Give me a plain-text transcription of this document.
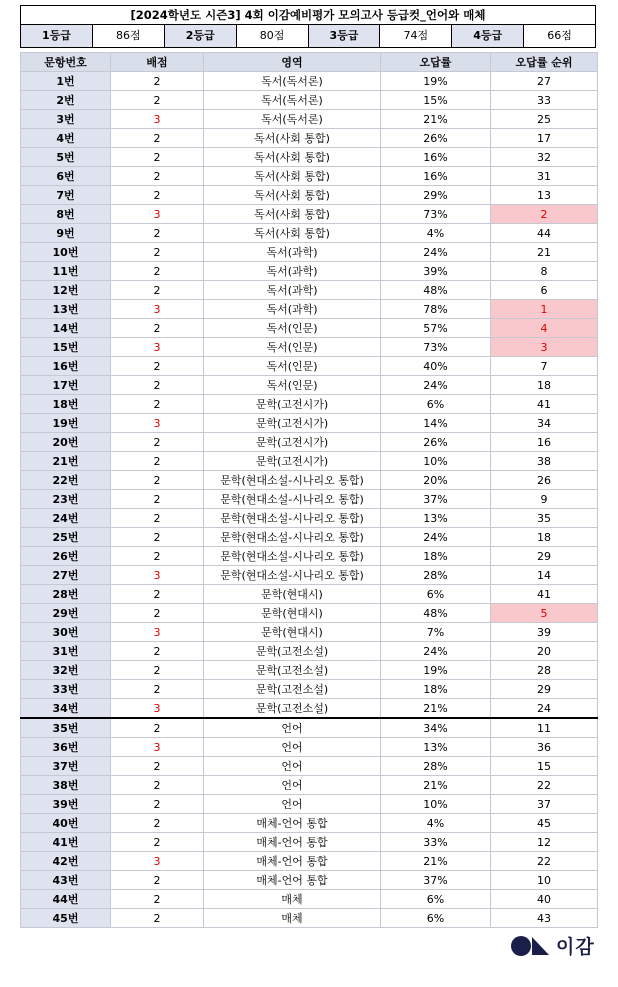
[2024학년도 시즌3] 4회 이감예비평가 모의고사 등급컷_언어와 매체
1등급	86점	2등급	80점	3등급	74점	4등급	66점
문항번호	배점	영역	오답률	오답률 순위
1번	2	독서(독서론)	19%	27
2번	2	독서(독서론)	15%	33
3번	3	독서(독서론)	21%	25
4번	2	독서(사회 통합)	26%	17
5번	2	독서(사회 통합)	16%	32
6번	2	독서(사회 통합)	16%	31
7번	2	독서(사회 통합)	29%	13
8번	3	독서(사회 통합)	73%	2
9번	2	독서(사회 통합)	4%	44
10번	2	독서(과학)	24%	21
11번	2	독서(과학)	39%	8
12번	2	독서(과학)	48%	6
13번	3	독서(과학)	78%	1
14번	2	독서(인문)	57%	4
15번	3	독서(인문)	73%	3
16번	2	독서(인문)	40%	7
17번	2	독서(인문)	24%	18
18번	2	문학(고전시가)	6%	41
19번	3	문학(고전시가)	14%	34
20번	2	문학(고전시가)	26%	16
21번	2	문학(고전시가)	10%	38
22번	2	문학(현대소설-시나리오 통합)	20%	26
23번	2	문학(현대소설-시나리오 통합)	37%	9
24번	2	문학(현대소설-시나리오 통합)	13%	35
25번	2	문학(현대소설-시나리오 통합)	24%	18
26번	2	문학(현대소설-시나리오 통합)	18%	29
27번	3	문학(현대소설-시나리오 통합)	28%	14
28번	2	문학(현대시)	6%	41
29번	2	문학(현대시)	48%	5
30번	3	문학(현대시)	7%	39
31번	2	문학(고전소설)	24%	20
32번	2	문학(고전소설)	19%	28
33번	2	문학(고전소설)	18%	29
34번	3	문학(고전소설)	21%	24
35번	2	언어	34%	11
36번	3	언어	13%	36
37번	2	언어	28%	15
38번	2	언어	21%	22
39번	2	언어	10%	37
40번	2	매체-언어 통합	4%	45
41번	2	매체-언어 통합	33%	12
42번	3	매체-언어 통합	21%	22
43번	2	매체-언어 통합	37%	10
44번	2	매체	6%	40
45번	2	매체	6%	43
이감
